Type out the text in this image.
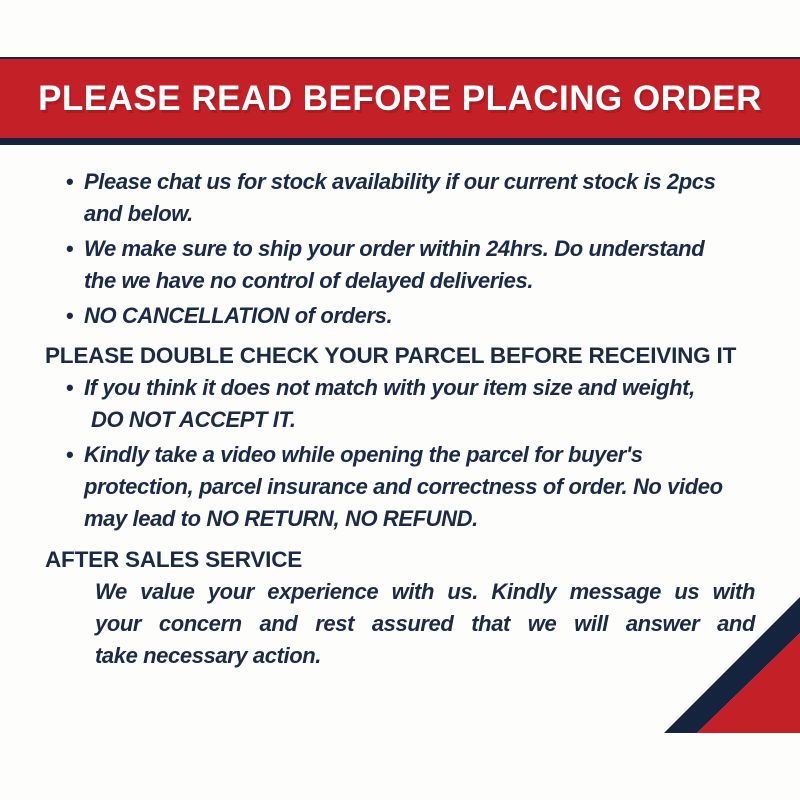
PLEASE READ BEFORE PLACING ORDER
• Please chat us for stock availability if our current stock is 2pcs
and below.
• We make sure to ship your order within 24hrs. Do understand
the we have no control of delayed deliveries.
• NO CANCELLATION of orders.
PLEASE DOUBLE CHECK YOUR PARCEL BEFORE RECEIVING IT
• If you think it does not match with your item size and weight,
DO NOT ACCEPT IT.
• Kindly take a video while opening the parcel for buyer's
protection, parcel insurance and correctness of order. No video
may lead to NO RETURN, NO REFUND.
AFTER SALES SERVICE
We value your experience with us. Kindly message us with
your concern and rest assured that we will answer and
take necessary action.
